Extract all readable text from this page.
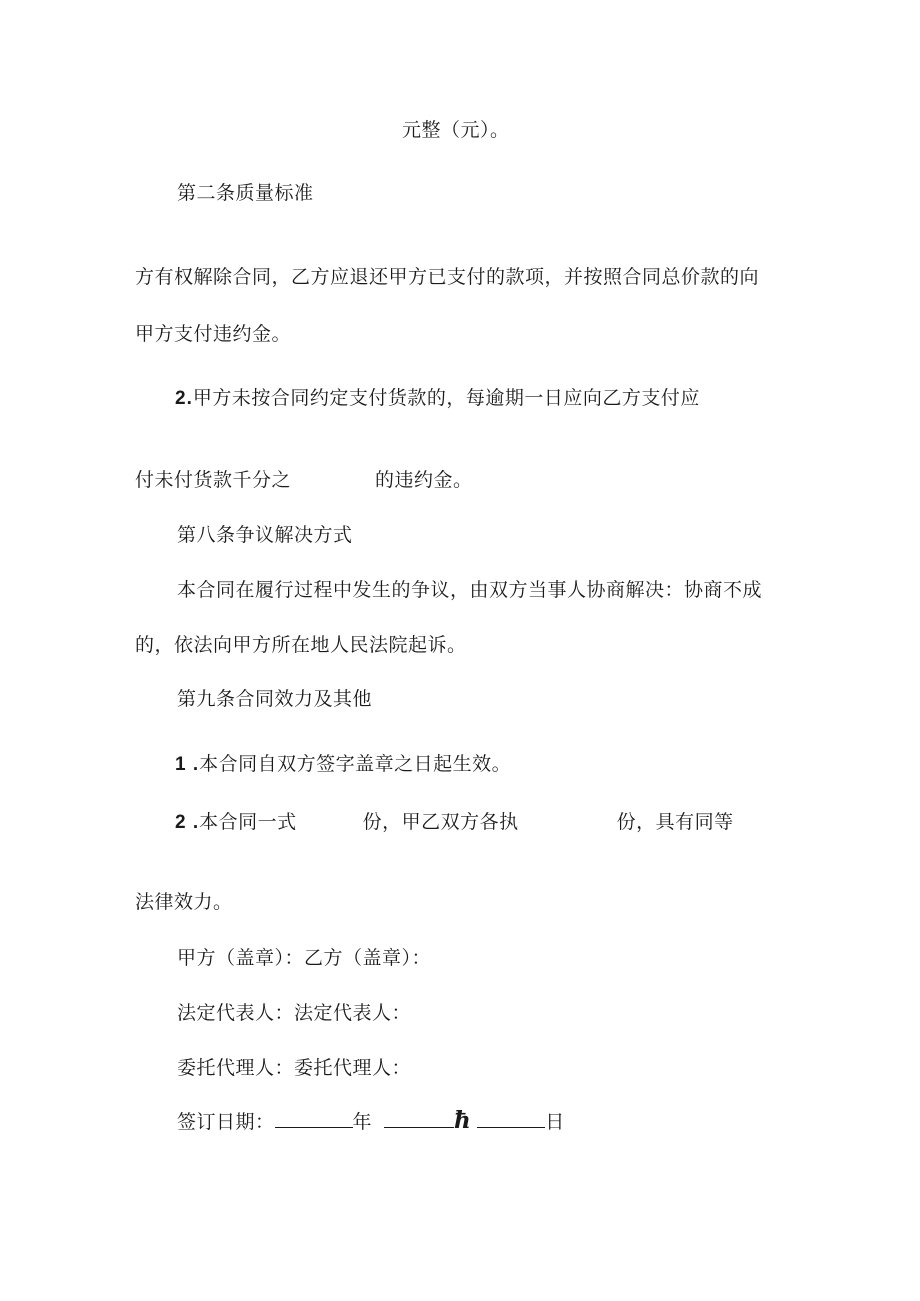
元整（元）。
第二条质量标准
方有权解除合同，乙方应退还甲方已支付的款项，并按照合同总价款的向
甲方支付违约金。
2.甲方未按合同约定支付货款的，每逾期一日应向乙方支付应
付未付货款千分之	的违约金。
第八条争议解决方式
本合同在履行过程中发生的争议，由双方当事人协商解决：协商不成
的，依法向甲方所在地人民法院起诉。
第九条合同效力及其他
1 .本合同自双方签字盖章之日起生效。
2 .本合同一式	份，甲乙双方各执	份，具有同等
法律效力。
甲方（盖章）：乙方（盖章）：
法定代表人：法定代表人：
委托代理人：委托代理人：
签订日期：	年	ħ	日
